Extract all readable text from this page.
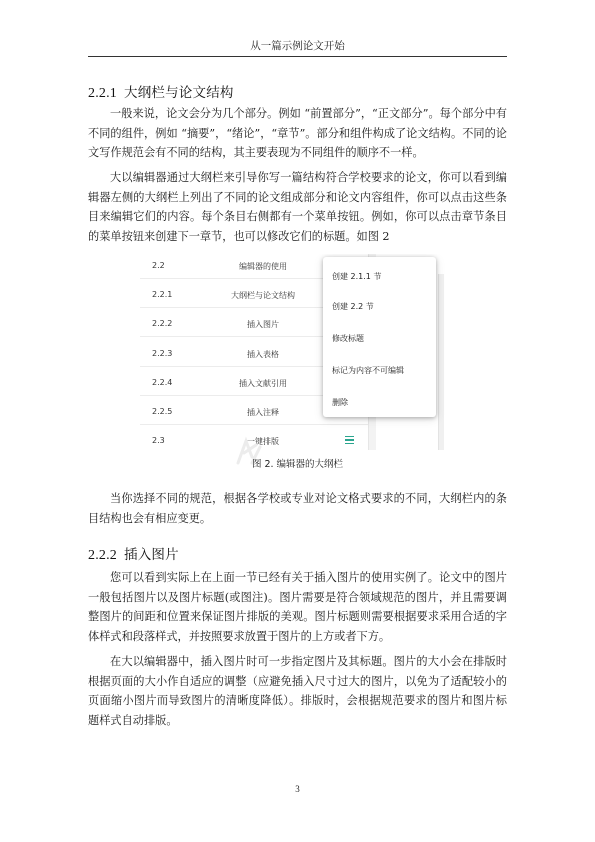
从一篇示例论文开始
2.2.1 大纲栏与论文结构

一般来说，论文会分为几个部分。例如 “前置部分”，“正文部分”。每个部分中有不同的组件，例如 “摘要”，“绪论”，“章节”。部分和组件构成了论文结构。不同的论文写作规范会有不同的结构，其主要表现为不同组件的顺序不一样。

大以编辑器通过大纲栏来引导你写一篇结构符合学校要求的论文，你可以看到编辑器左侧的大纲栏上列出了不同的论文组成部分和论文内容组件，你可以点击这些条目来编辑它们的内容。每个条目右侧都有一个菜单按钮。例如，你可以点击章节条目的菜单按钮来创建下一章节，也可以修改它们的标题。如图 2

2.2	编辑器的使用
2.2.1	大纲栏与论文结构
2.2.2	插入图片
2.2.3	插入表格
2.2.4	插入文献引用
2.2.5	插入注释
2.3	一键排版
创建 2.1.1 节
创建 2.2 节
修改标题
标记为内容不可编辑
删除
图 2. 编辑器的大纲栏

当你选择不同的规范，根据各学校或专业对论文格式要求的不同，大纲栏内的条目结构也会有相应变更。

2.2.2 插入图片

您可以看到实际上在上面一节已经有关于插入图片的使用实例了。论文中的图片一般包括图片以及图片标题(或图注)。图片需要是符合领域规范的图片，并且需要调整图片的间距和位置来保证图片排版的美观。图片标题则需要根据要求采用合适的字体样式和段落样式，并按照要求放置于图片的上方或者下方。

在大以编辑器中，插入图片时可一步指定图片及其标题。图片的大小会在排版时根据页面的大小作自适应的调整（应避免插入尺寸过大的图片，以免为了适配较小的页面缩小图片而导致图片的清晰度降低）。排版时，会根据规范要求的图片和图片标题样式自动排版。

3
